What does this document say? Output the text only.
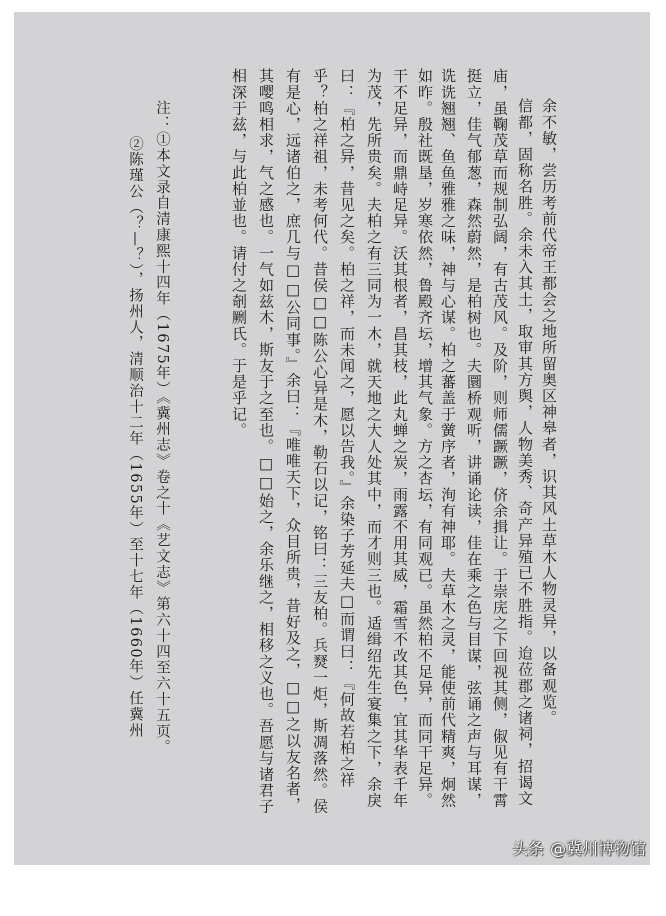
余不敏，尝历考前代帝王都会之地所留奥区神皋者，识其风土草木人物灵异，以备观览。
信都，固称名胜。余未入其土，取审其方舆，人物美秀、奇产异殖已不胜指。迨莅郡之诸祠，招谒文
庙，虽鞠茂草而规制弘阔，有古茂风。及阶，则师儒蹶蹶，侪余揖让。于崇庑之下回视其侧，俶见有干霄
挺立，佳气郁葱，森然蔚然，是柏树也。夫圜桥观听，讲诵论读，佳在乘之色与目谋，弦诵之声与耳谋，
诜诜翘翘、鱼鱼雅雅之味，神与心谋。柏之蕃盖于黉序者，洵有神耶。夫草木之灵，能使前代精爽，炯然
如昨。殷社既垦，岁寒依然，鲁殿齐坛，增其气象。方之杏坛，有同观已。虽然柏不足异，而同干足异。
干不足异，而鼎峙足异。沃其根者，昌其枝，此丸蝉之炭，雨露不用其威，霜雪不改其色，宜其华表千年
为茂，先所贵矣。夫柏之有三同为一木，就天地之大人处其中，而才则三也。适缉绍先生宴集之下，余戾
曰：『柏之异，昔见之矣。柏之祥，而未闻之，愿以告我。』余染子芳延夫□而谓曰：『何故若柏之祥
乎？柏之祥祖，未考何代。昔侯□□陈公心异是木，勒石以记，铭曰：三友柏。兵燹一炬，斯凋落然。侯
有是心，远诸伯之，庶几与□□公同事。』余曰：『唯唯天下，众目所贵，昔好及之，□□之以友名者，
其嘤鸣相求，气之感也。一气如兹木，斯友于之至也。□□始之，余乐继之，相移之义也。吾愿与诸君子
相深于兹，与此柏並也。请付之剞劂氏。于是乎记。
注：①本文录自清康熙十四年（1675年）《冀州志》卷之十《艺文志》第六十四至六十五页。
②陈瑾公（？—？），扬州人，清顺治十二年（1655年）至十七年（1660年）任冀州
头条 @冀州博物馆
